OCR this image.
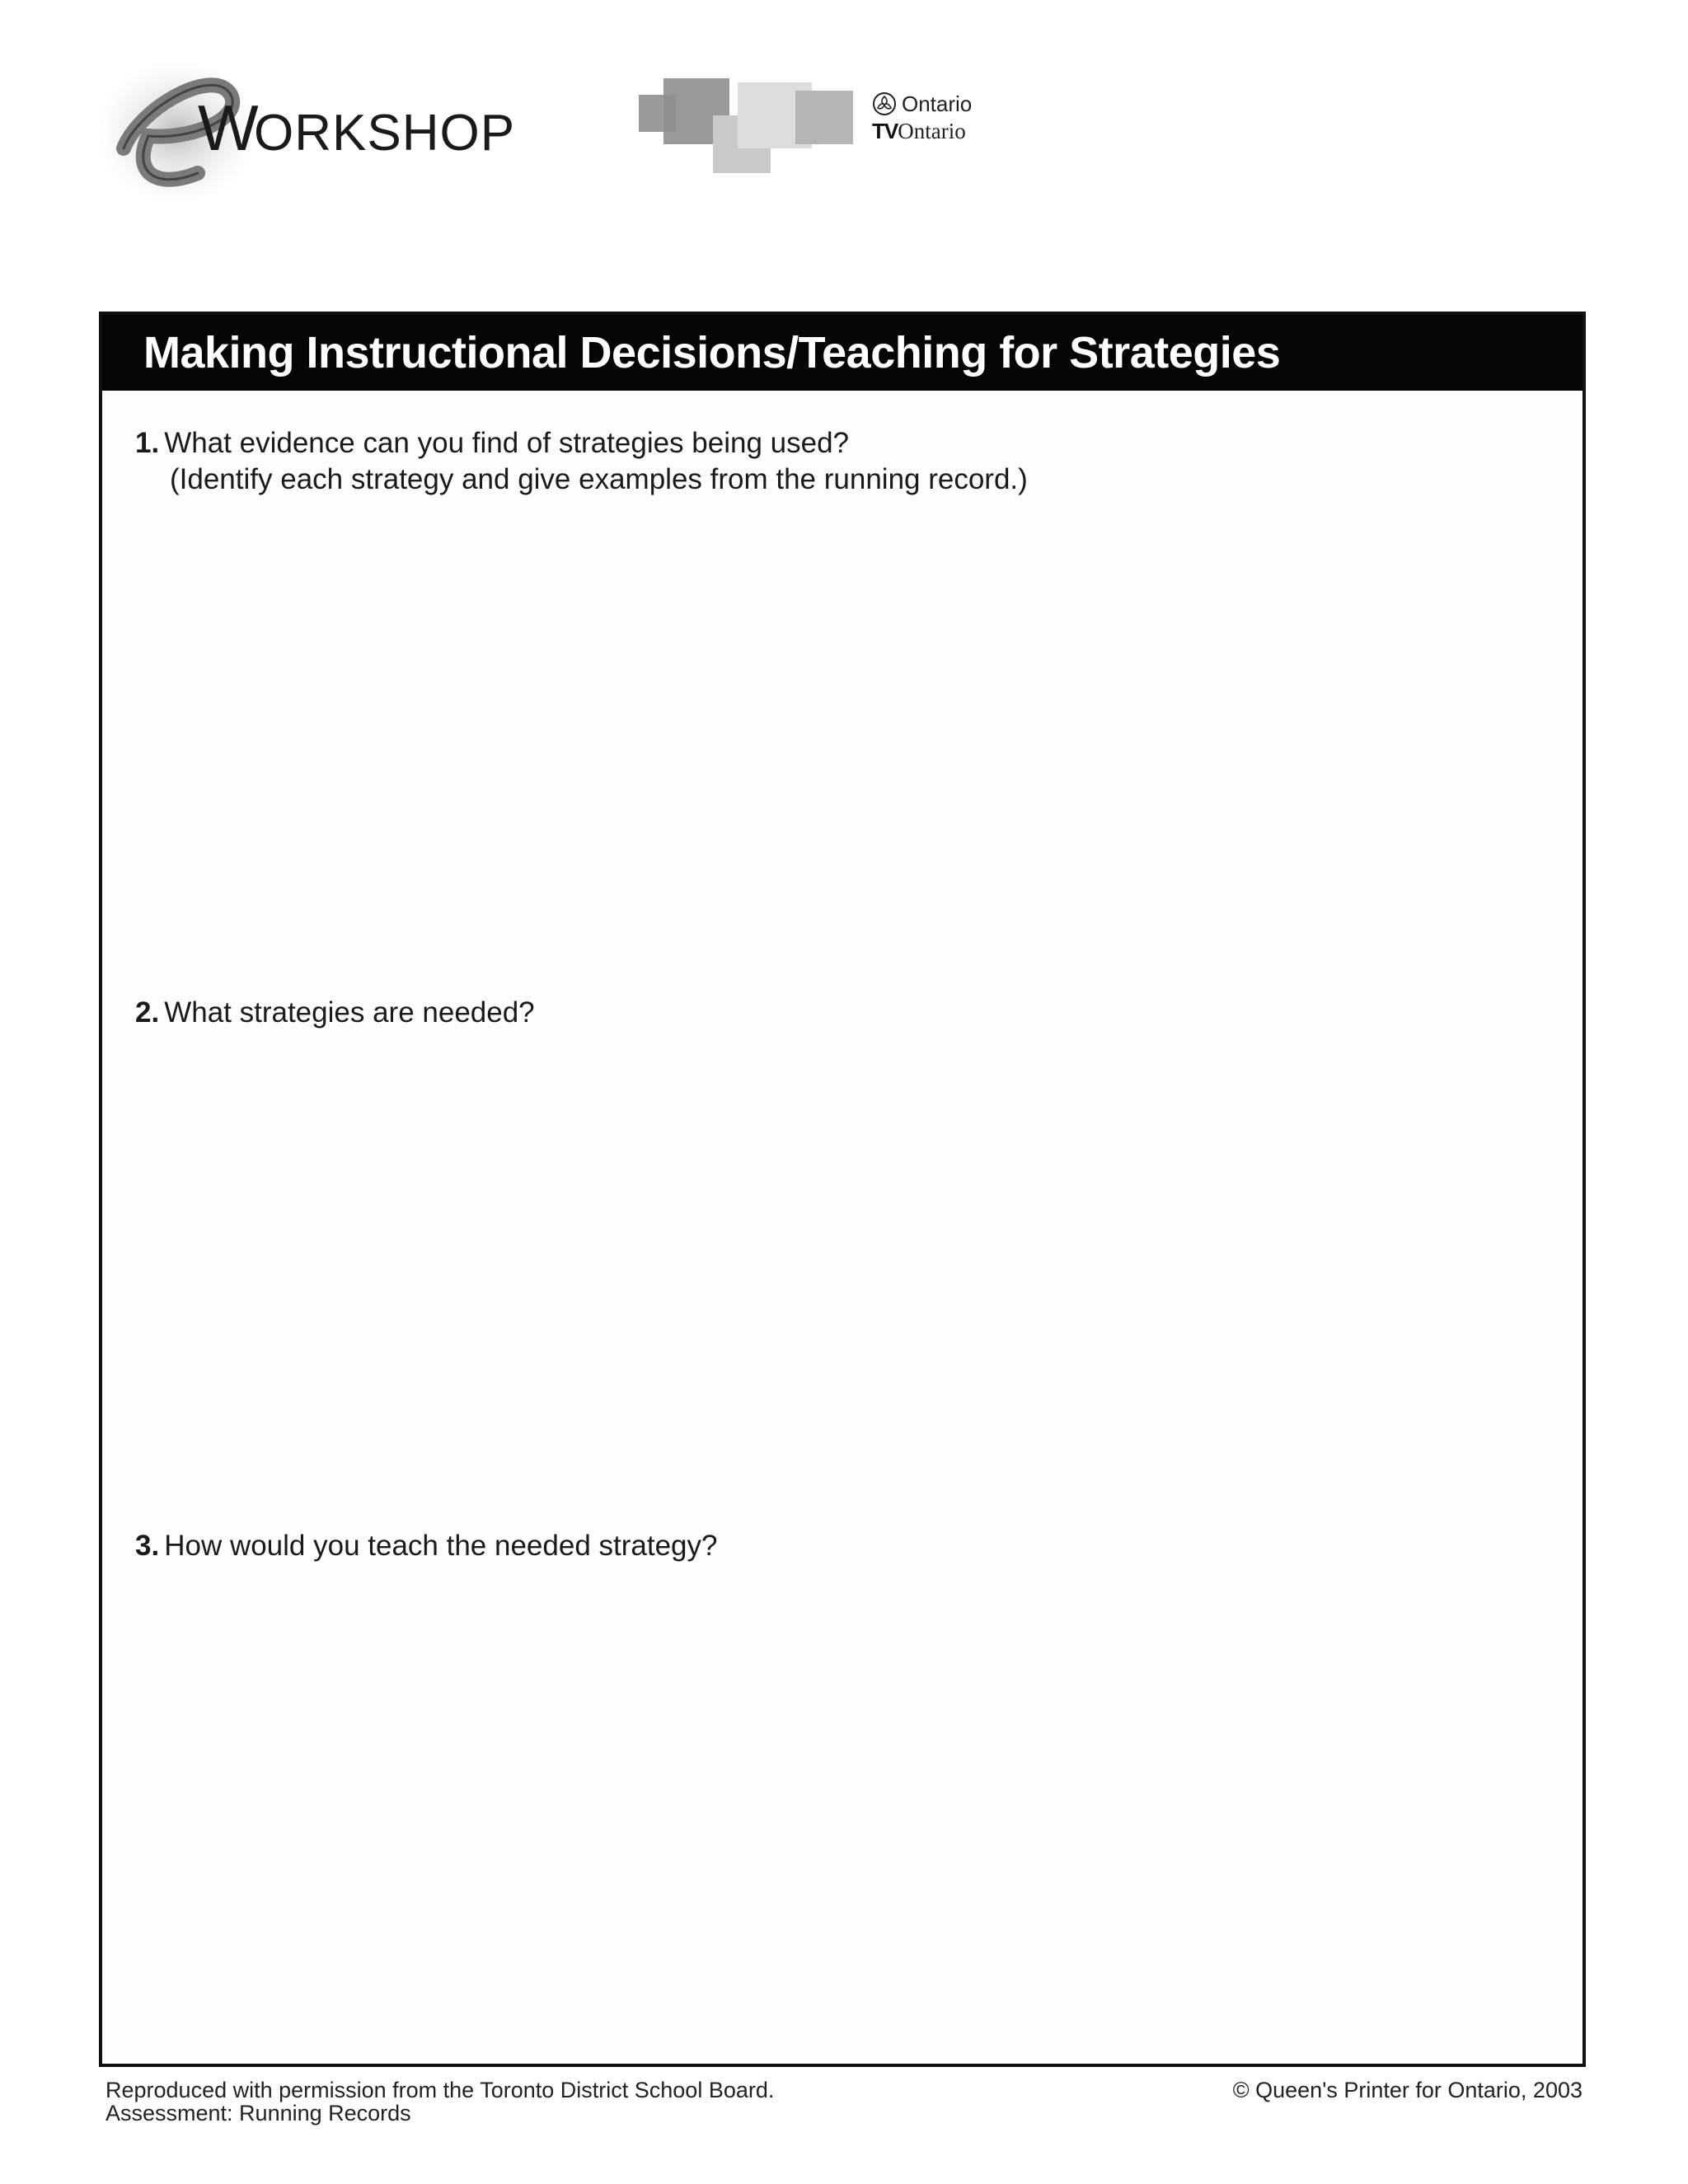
W
ORKSHOP
Ontario
TV Ontario
Making Instructional Decisions/Teaching for Strategies
1. What evidence can you find of strategies being used?
(Identify each strategy and give examples from the running record.)
2. What strategies are needed?
3. How would you teach the needed strategy?
Reproduced with permission from the Toronto District School Board.
Assessment: Running Records
© Queen's Printer for Ontario, 2003
